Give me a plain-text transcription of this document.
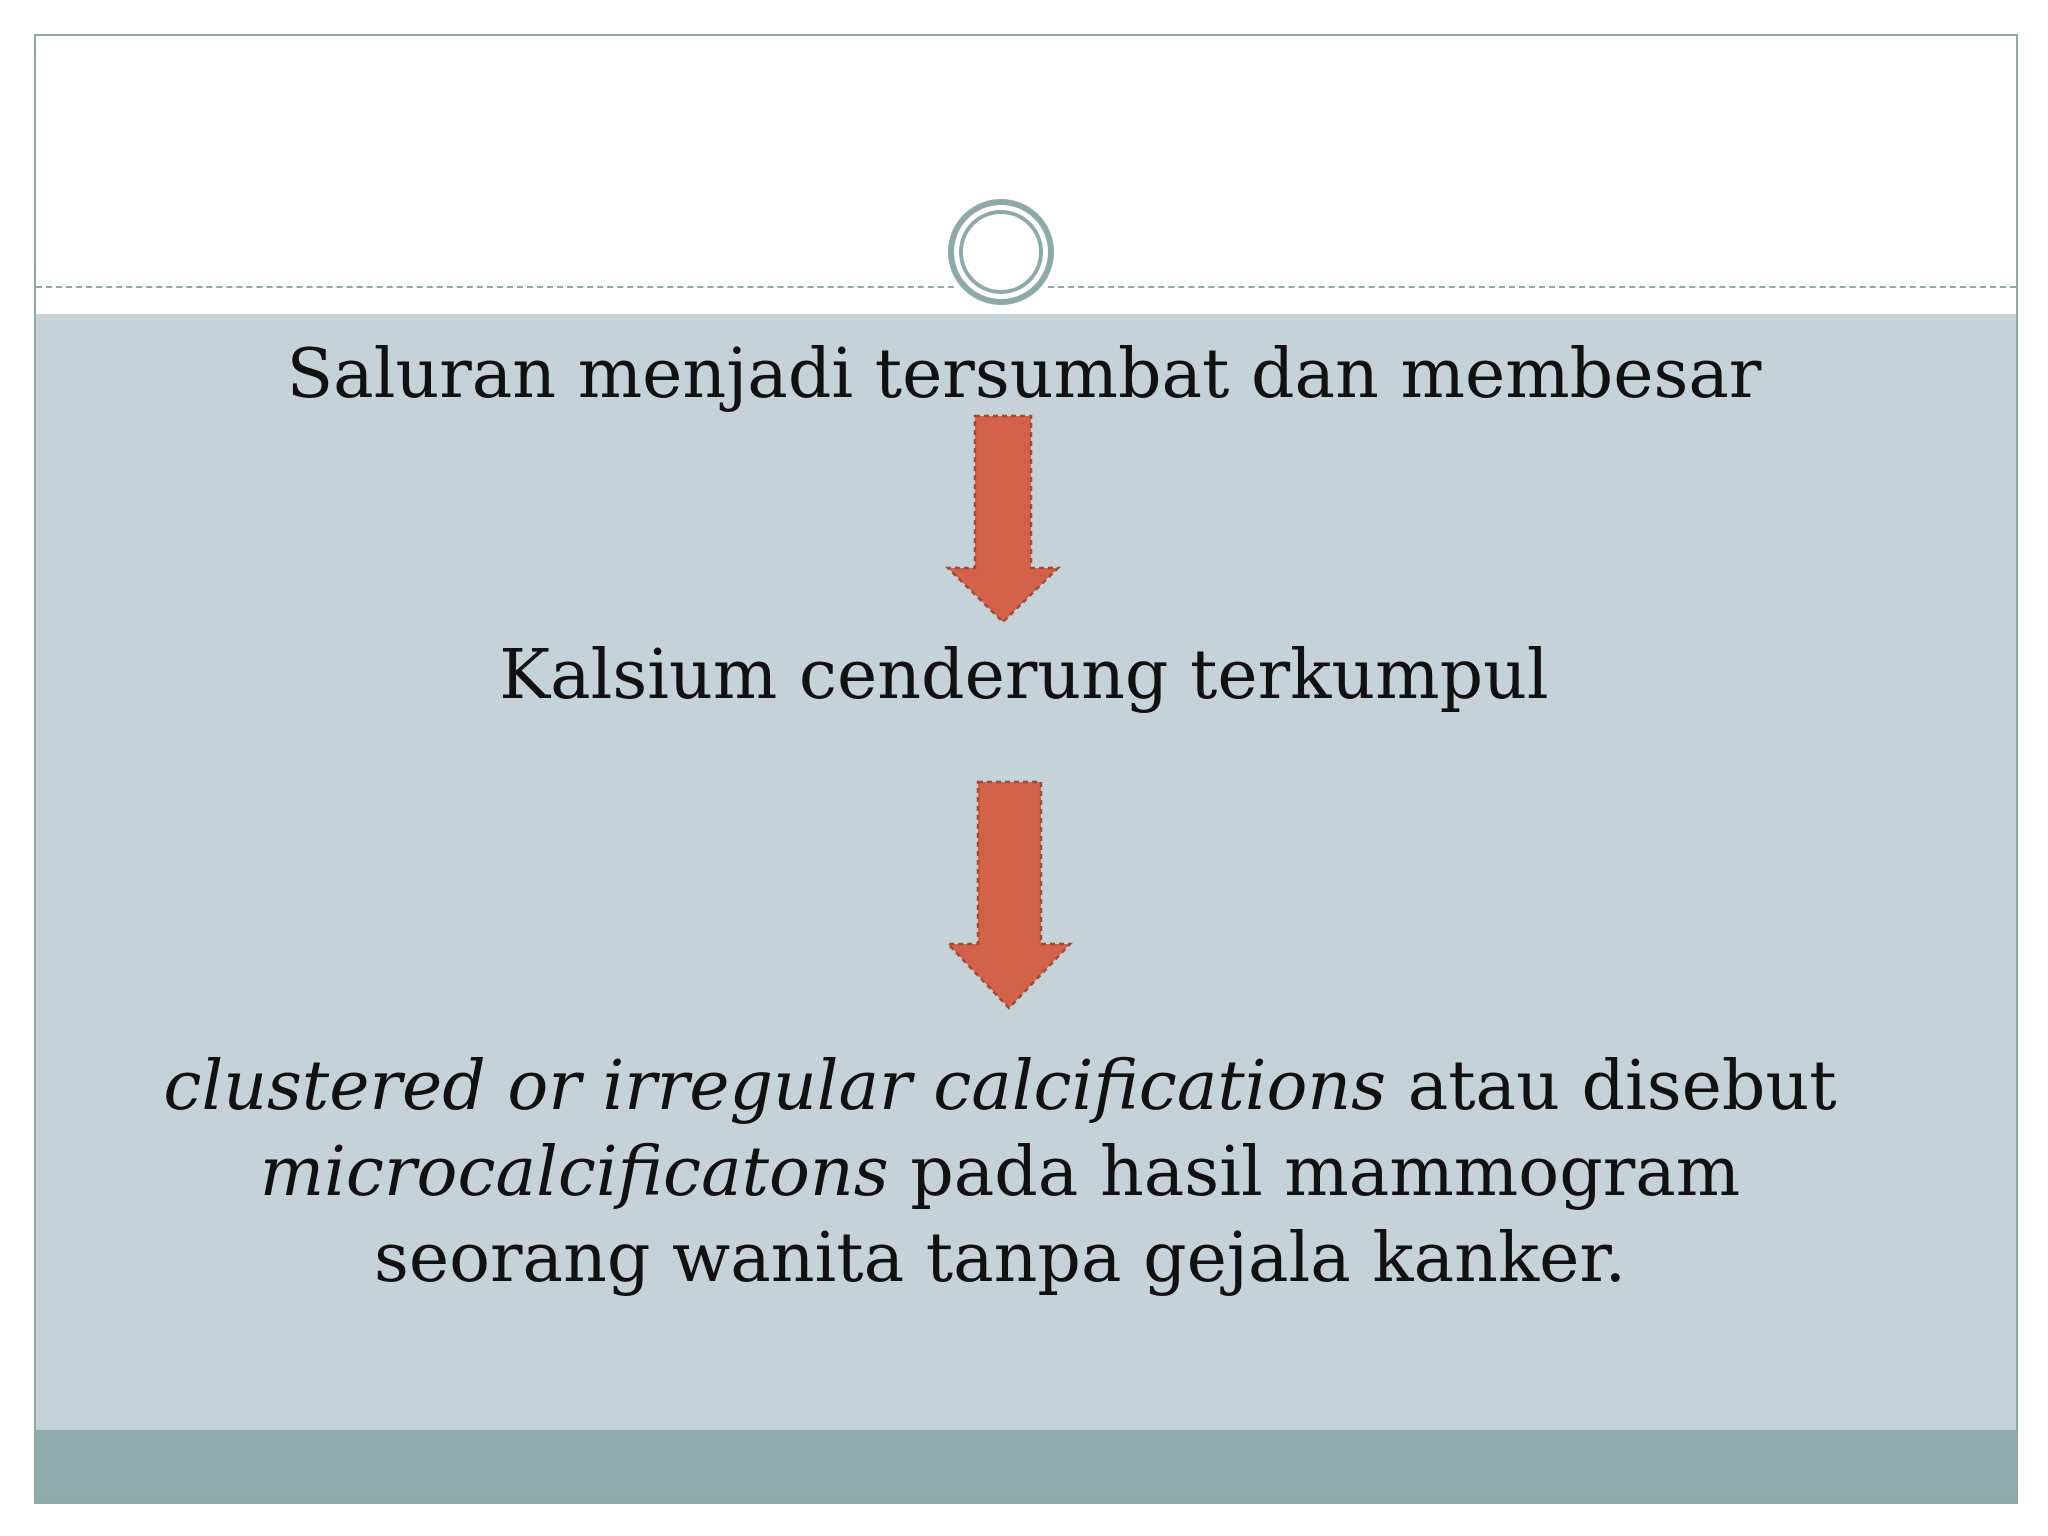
Saluran menjadi tersumbat dan membesar
Kalsium cenderung terkumpul
clustered or irregular calcifications atau disebut microcalcificatons pada hasil mammogram seorang wanita tanpa gejala kanker.
